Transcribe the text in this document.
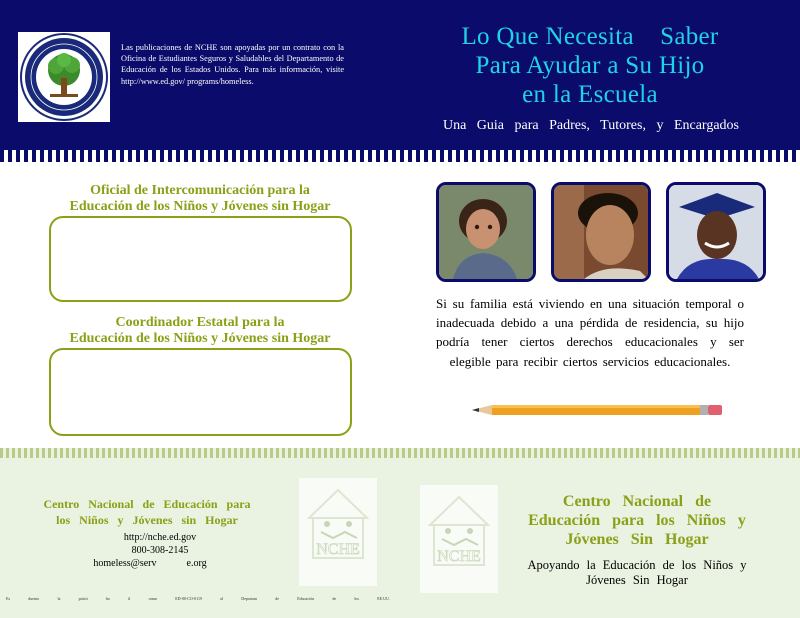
Las publicaciones de NCHE son apoyadas por un contrato con la Oficina de Estudiantes Seguros y Saludables del Departamento de Educación de los Estados Unidos. Para más información, visite http://www.ed.gov/ programs/homeless.
Lo Que Necesita    Saber
Para Ayudar a Su Hijo
en la Escuela
Una Guia para Padres, Tutores, y Encargados
Oficial de Intercomunicación para la
Educación de los Niños y Jóvenes sin Hogar
Coordinador Estatal para la
Educación de los Niños y Jóvenes sin Hogar
Si su familia está viviendo en una situación temporal o inadecuada debido a una pérdida de residencia, su hijo podría tener ciertos derechos educacionales y ser elegible para recibir ciertos servicios educacionales.
Centro Nacional de Educación para
los Niños y Jóvenes sin Hogar
http://nche.ed.gov
800-308-2145
homeless@serv	e.org
Es	duerno	la	prácti	ho	il	ornar	ED-00-CO-0119	al	Departam	de	Educación	de	los	EE.UU.
NCHE	NCHE
Centro Nacional de
Educación para los Niños y
Jóvenes Sin Hogar
Apoyando la Educación de los Niños y
Jóvenes Sin Hogar
